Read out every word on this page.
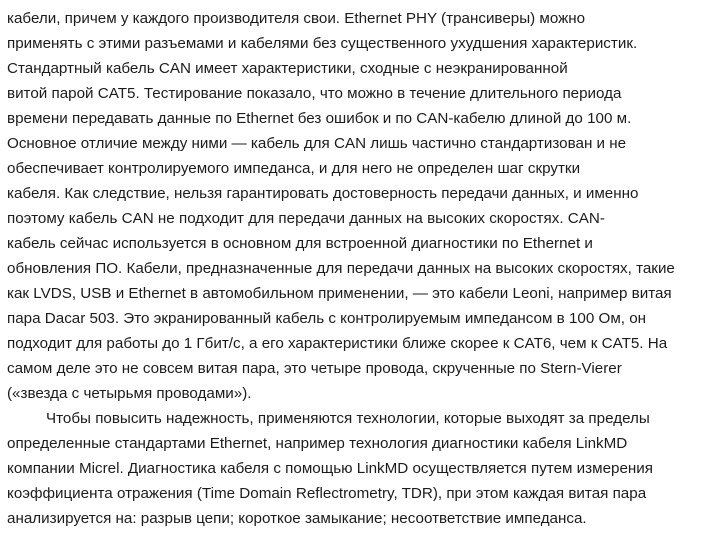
кабели, причем у каждого производителя свои. Ethernet PHY (трансиверы) можно
применять с этими разъемами и кабелями без существенного ухудшения характеристик.
Стандартный кабель CAN имеет характеристики, сходные с неэкранированной
витой парой CAT5. Тестирование показало, что можно в течение длительного периода
времени передавать данные по Ethernet без ошибок и по CAN-кабелю длиной до 100 м.
Основное отличие между ними — кабель для CAN лишь частично стандартизован и не
обеспечивает контролируемого импеданса, и для него не определен шаг скрутки
кабеля. Как следствие, нельзя гарантировать достоверность передачи данных, и именно
поэтому кабель CAN не подходит для передачи данных на высоких скоростях. CAN-
кабель сейчас используется в основном для встроенной диагностики по Ethernet и
обновления ПО. Кабели, предназначенные для передачи данных на высоких скоростях, такие
как LVDS, USB и Ethernet в автомобильном применении, — это кабели Leoni, например витая
пара Dacar 503. Это экранированный кабель с контролируемым импедансом в 100 Ом, он
подходит для работы до 1 Гбит/с, а его характеристики ближе скорее к CAT6, чем к CAT5. На
самом деле это не совсем витая пара, это четыре провода, скрученные по Stern-Vierer
(«звезда с четырьмя проводами»).
Чтобы повысить надежность, применяются технологии, которые выходят за пределы
определенные стандартами Ethernet, например технология диагностики кабеля LinkMD
компании Micrel. Диагностика кабеля с помощью LinkMD осуществляется путем измерения
коэффициента отражения (Time Domain Reflectrometry, TDR), при этом каждая витая пара
анализируется на: разрыв цепи; короткое замыкание; несоответствие импеданса.
